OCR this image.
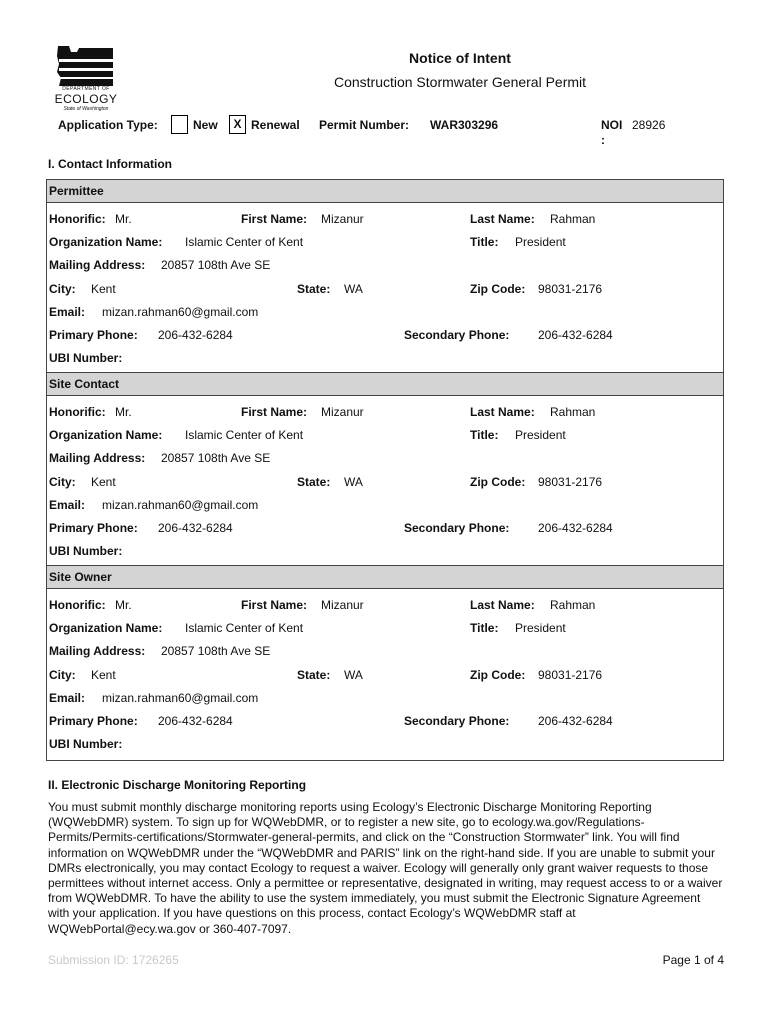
DEPARTMENT OF
ECOLOGY
State of Washington
Notice of Intent
Construction Stormwater General Permit
Application Type:	New	X Renewal Permit Number: WAR303296	NOI
:
28926
I. Contact Information
Permittee
Honorific: Mr.	First Name: Mizanur	Last Name: Rahman
Organization Name: Islamic Center of Kent	Title: President
Mailing Address: 20857 108th Ave SE
City: Kent	State: WA	Zip Code: 98031-2176
Email: mizan.rahman60@gmail.com
Primary Phone: 206-432-6284	Secondary Phone: 206-432-6284
UBI Number:
Site Contact
Honorific: Mr.	First Name: Mizanur	Last Name: Rahman
Organization Name: Islamic Center of Kent	Title: President
Mailing Address: 20857 108th Ave SE
City: Kent	State: WA	Zip Code: 98031-2176
Email: mizan.rahman60@gmail.com
Primary Phone: 206-432-6284	Secondary Phone: 206-432-6284
UBI Number:
Site Owner
Honorific: Mr.	First Name: Mizanur	Last Name: Rahman
Organization Name: Islamic Center of Kent	Title: President
Mailing Address: 20857 108th Ave SE
City: Kent	State: WA	Zip Code: 98031-2176
Email: mizan.rahman60@gmail.com
Primary Phone: 206-432-6284	Secondary Phone: 206-432-6284
UBI Number:
II. Electronic Discharge Monitoring Reporting
You must submit monthly discharge monitoring reports using Ecology’s Electronic Discharge Monitoring Reporting (WQWebDMR) system. To sign up for WQWebDMR, or to register a new site, go to ecology.wa.gov/Regulations-Permits/Permits-certifications/Stormwater-general-permits, and click on the “Construction Stormwater” link. You will find information on WQWebDMR under the “WQWebDMR and PARIS” link on the right-hand side. If you are unable to submit your DMRs electronically, you may contact Ecology to request a waiver. Ecology will generally only grant waiver requests to those permittees without internet access. Only a permittee or representative, designated in writing, may request access to or a waiver from WQWebDMR. To have the ability to use the system immediately, you must submit the Electronic Signature Agreement with your application. If you have questions on this process, contact Ecology’s WQWebDMR staff at WQWebPortal@ecy.wa.gov or 360-407-7097.
Submission ID: 1726265	Page 1 of 4
